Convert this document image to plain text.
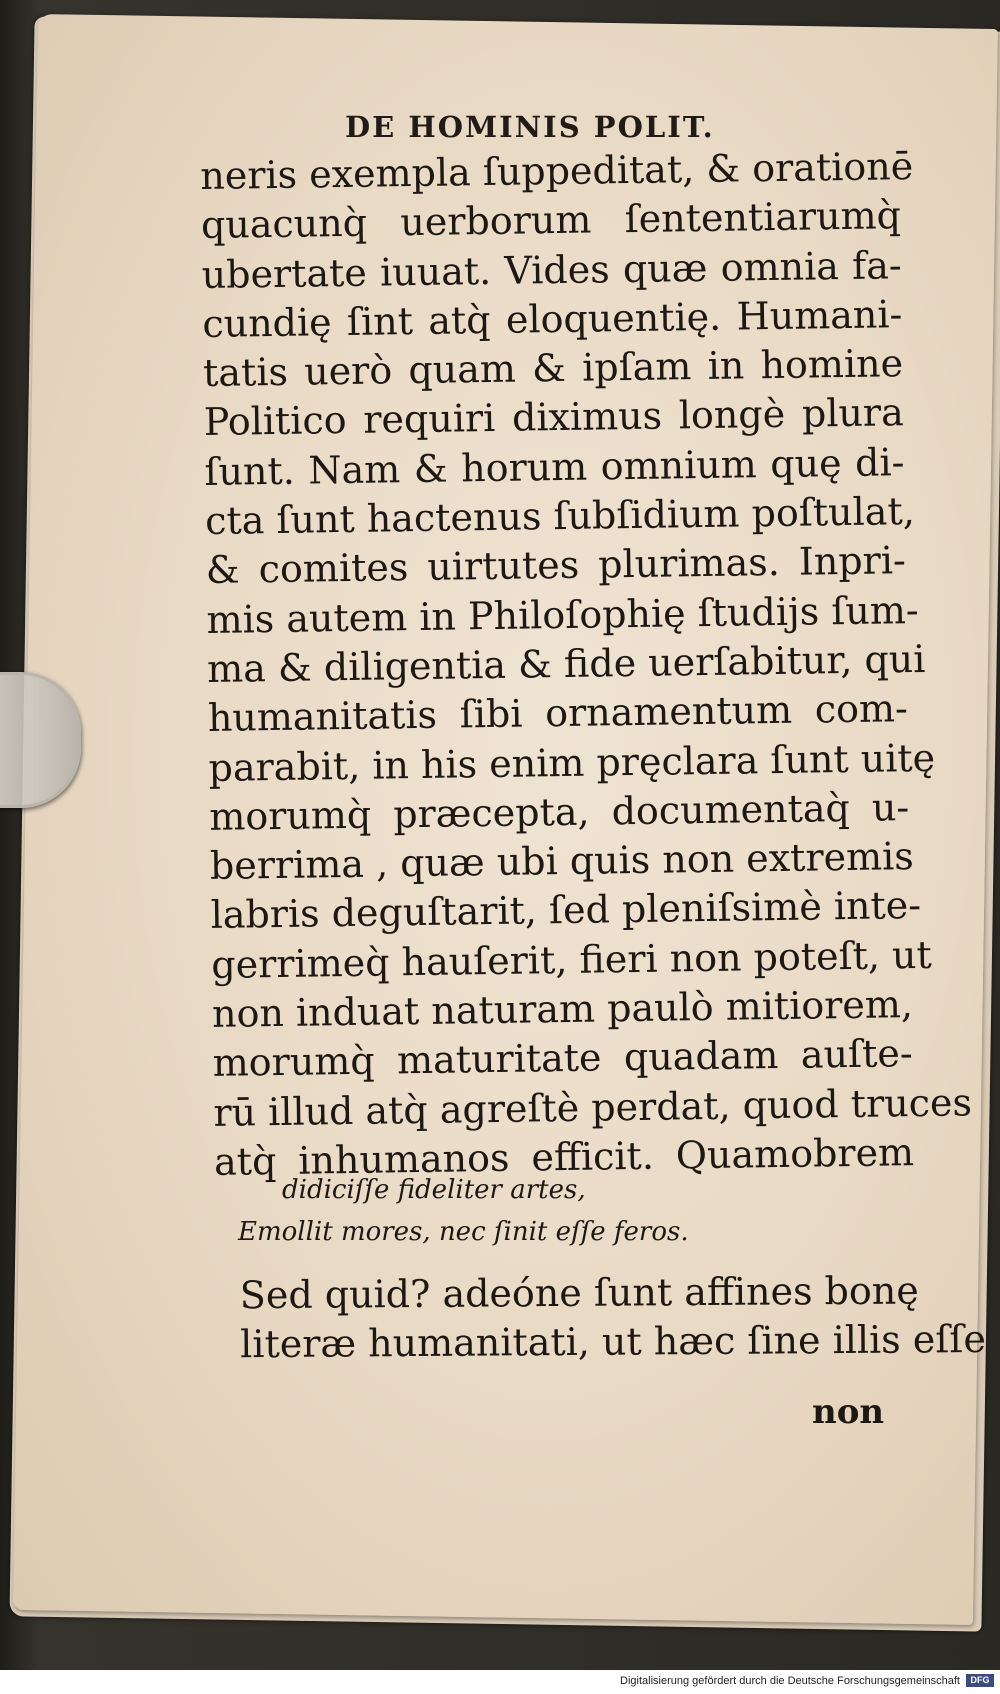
DE HOMINIS POLIT.
neris exempla ſuppeditat, & orationē
quacunq̀ uerborum ſententiarumq̀
ubertate iuuat. Vides quæ omnia fa-
cundię ſint atq̀ eloquentię. Humani-
tatis uerò quam & ipſam in homine
Politico requiri diximus longè plura
ſunt. Nam & horum omnium quę di-
cta ſunt hactenus ſubſidium poſtulat,
& comites uirtutes plurimas. Inpri-
mis autem in Philoſophię ſtudijs ſum-
ma & diligentia & fide uerſabitur, qui
humanitatis ſibi ornamentum com-
parabit, in his enim pręclara ſunt uitę
morumq̀ præcepta, documentaq̀ u-
berrima , quæ ubi quis non extremis
labris deguſtarit, ſed pleniſsimè inte-
gerrimeq̀ hauſerit, fieri non poteſt, ut
non induat naturam paulò mitiorem,
morumq̀ maturitate quadam auſte-
rū illud atq̀ agreſtè perdat, quod truces
atq̀ inhumanos efficit. Quamobrem
didiciſſe fideliter artes,
Emollit mores, nec ſinit eſſe feros.
Sed quid? adeóne ſunt affines bonę
literæ humanitati, ut hæc ſine illis eſſe
non
Digitalisierung gefördert durch die Deutsche Forschungsgemeinschaft	DFG
